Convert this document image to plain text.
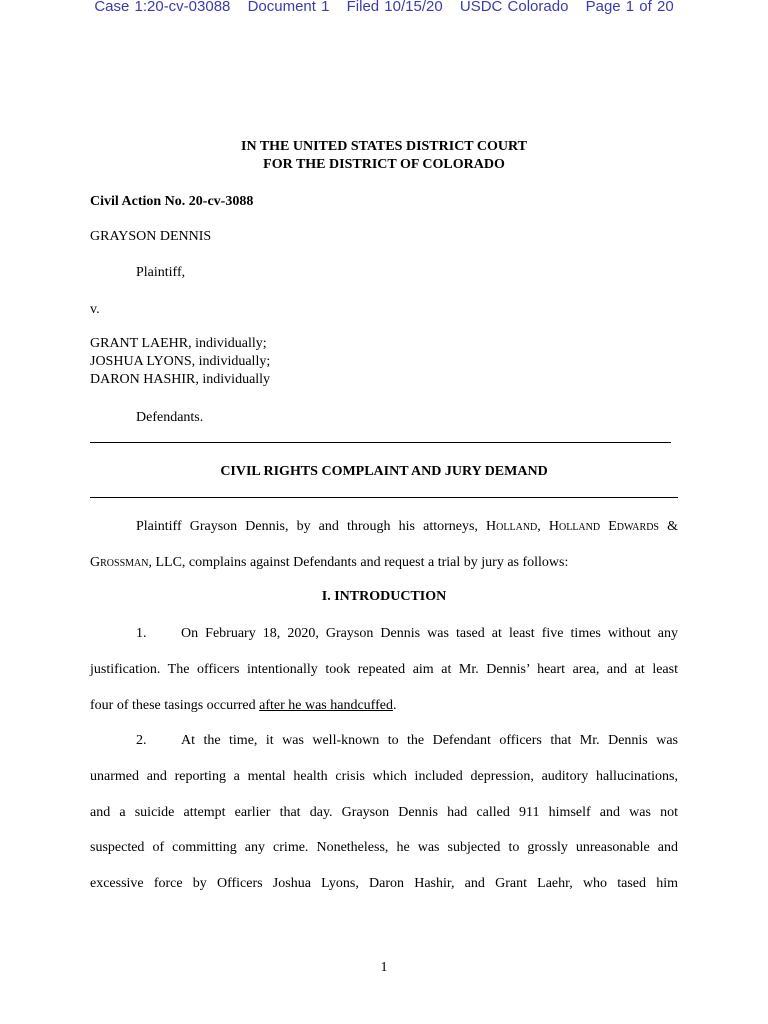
Case 1:20-cv-03088 Document 1 Filed 10/15/20 USDC Colorado Page 1 of 20
IN THE UNITED STATES DISTRICT COURT
FOR THE DISTRICT OF COLORADO
Civil Action No. 20-cv-3088
GRAYSON DENNIS
Plaintiff,
v.
GRANT LAEHR, individually;
JOSHUA LYONS, individually;
DARON HASHIR, individually
Defendants.
CIVIL RIGHTS COMPLAINT AND JURY DEMAND
Plaintiff Grayson Dennis, by and through his attorneys, Holland, Holland Edwards &
Grossman, LLC, complains against Defendants and request a trial by jury as follows:
I. INTRODUCTION
1. On February 18, 2020, Grayson Dennis was tased at least five times without any
justification. The officers intentionally took repeated aim at Mr. Dennis’ heart area, and at least
four of these tasings occurred after he was handcuffed.
2. At the time, it was well-known to the Defendant officers that Mr. Dennis was
unarmed and reporting a mental health crisis which included depression, auditory hallucinations,
and a suicide attempt earlier that day. Grayson Dennis had called 911 himself and was not
suspected of committing any crime. Nonetheless, he was subjected to grossly unreasonable and
excessive force by Officers Joshua Lyons, Daron Hashir, and Grant Laehr, who tased him
1
